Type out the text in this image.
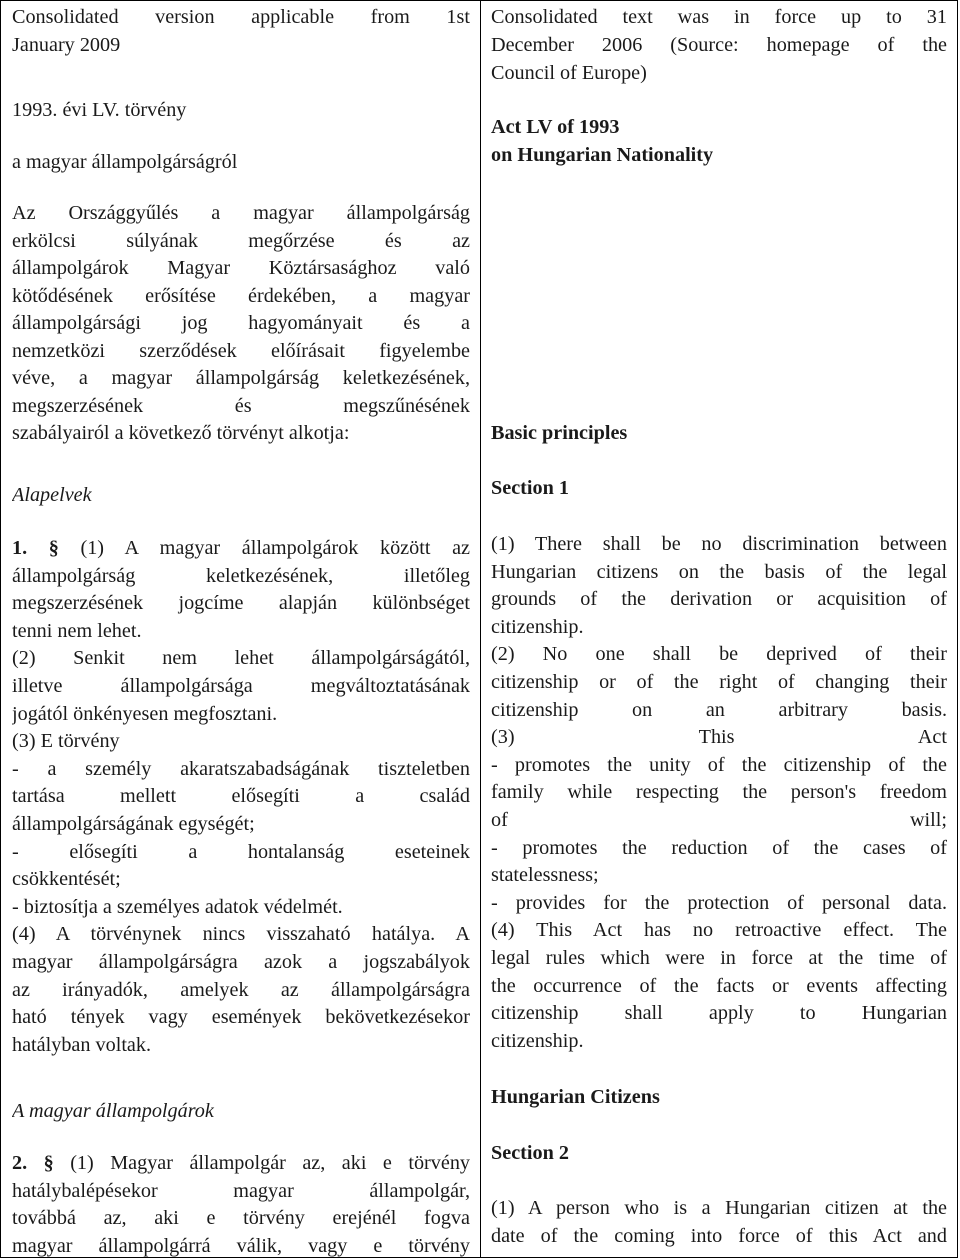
Consolidated version applicable from 1st

January 2009

1993. évi LV. törvény

a magyar állampolgárságról

Az Országgyűlés a magyar állampolgárság

erkölcsi súlyának megőrzése és az

állampolgárok Magyar Köztársasághoz való

kötődésének erősítése érdekében, a magyar

állampolgársági jog hagyományait és a

nemzetközi szerződések előírásait figyelembe

véve, a magyar állampolgárság keletkezésének,

megszerzésének és megszűnésének

szabályairól a következő törvényt alkotja:

Alapelvek

1. § (1) A magyar állampolgárok között az

állampolgárság keletkezésének, illetőleg

megszerzésének jogcíme alapján különbséget

tenni nem lehet.

(2) Senkit nem lehet állampolgárságától,

illetve állampolgársága megváltoztatásának

jogától önkényesen megfosztani.

(3) E törvény

- a személy akaratszabadságának tiszteletben

tartása mellett elősegíti a család

állampolgárságának egységét;

- elősegíti a hontalanság eseteinek

csökkentését;

- biztosítja a személyes adatok védelmét.

(4) A törvénynek nincs visszaható hatálya. A

magyar állampolgárságra azok a jogszabályok

az irányadók, amelyek az állampolgárságra

ható tények vagy események bekövetkezésekor

hatályban voltak.

A magyar állampolgárok

2. § (1) Magyar állampolgár az, aki e törvény

hatálybalépésekor magyar állampolgár,

továbbá az, aki e törvény erejénél fogva

magyar állampolgárrá válik, vagy e törvény

Consolidated text was in force up to 31

December 2006 (Source: homepage of the

Council of Europe)

Act LV of 1993

on Hungarian Nationality

Basic principles

Section 1

(1) There shall be no discrimination between

Hungarian citizens on the basis of the legal

grounds of the derivation or acquisition of

citizenship.

(2) No one shall be deprived of their

citizenship or of the right of changing their

citizenship on an arbitrary basis.

(3) This Act

- promotes the unity of the citizenship of the

family while respecting the person's freedom

of will;

- promotes the reduction of the cases of

statelessness;

- provides for the protection of personal data.

(4) This Act has no retroactive effect. The

legal rules which were in force at the time of

the occurrence of the facts or events affecting

citizenship shall apply to Hungarian

citizenship.

Hungarian Citizens

Section 2

(1) A person who is a Hungarian citizen at the

date of the coming into force of this Act and
